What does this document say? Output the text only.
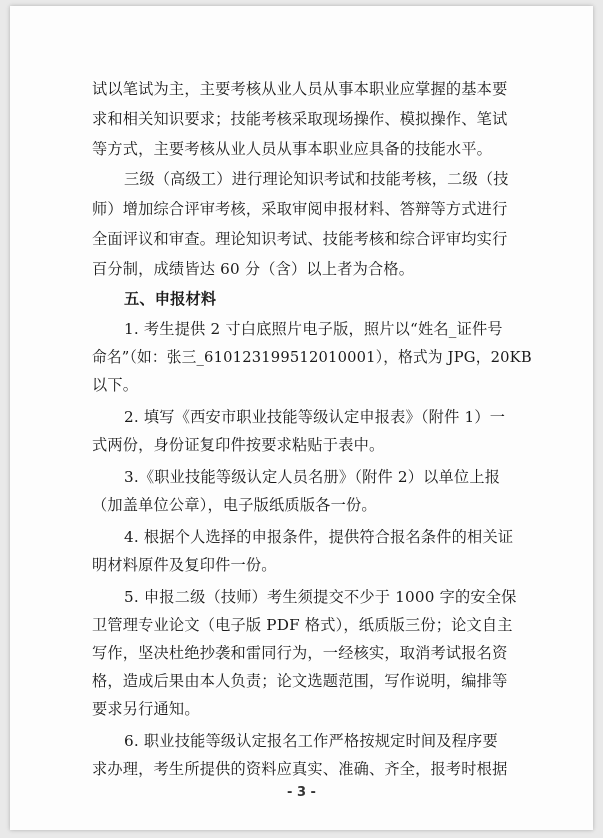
试以笔试为主，主要考核从业人员从事本职业应掌握的基本要
求和相关知识要求；技能考核采取现场操作、模拟操作、笔试
等方式，主要考核从业人员从事本职业应具备的技能水平。
三级（高级工）进行理论知识考试和技能考核，二级（技
师）增加综合评审考核，采取审阅申报材料、答辩等方式进行
全面评议和审查。理论知识考试、技能考核和综合评审均实行
百分制，成绩皆达 60 分（含）以上者为合格。
五、申报材料
1. 考生提供 2 寸白底照片电子版，照片以“姓名_证件号
命名”（如：张三_610123199512010001），格式为 JPG，20KB
以下。
2. 填写《西安市职业技能等级认定申报表》（附件 1）一
式两份，身份证复印件按要求粘贴于表中。
3.《职业技能等级认定人员名册》（附件 2）以单位上报
（加盖单位公章），电子版纸质版各一份。
4. 根据个人选择的申报条件，提供符合报名条件的相关证
明材料原件及复印件一份。
5. 申报二级（技师）考生须提交不少于 1000 字的安全保
卫管理专业论文（电子版 PDF 格式），纸质版三份；论文自主
写作，坚决杜绝抄袭和雷同行为，一经核实，取消考试报名资
格，造成后果由本人负责；论文选题范围，写作说明，编排等
要求另行通知。
6. 职业技能等级认定报名工作严格按规定时间及程序要
求办理，考生所提供的资料应真实、准确、齐全，报考时根据
- 3 -
